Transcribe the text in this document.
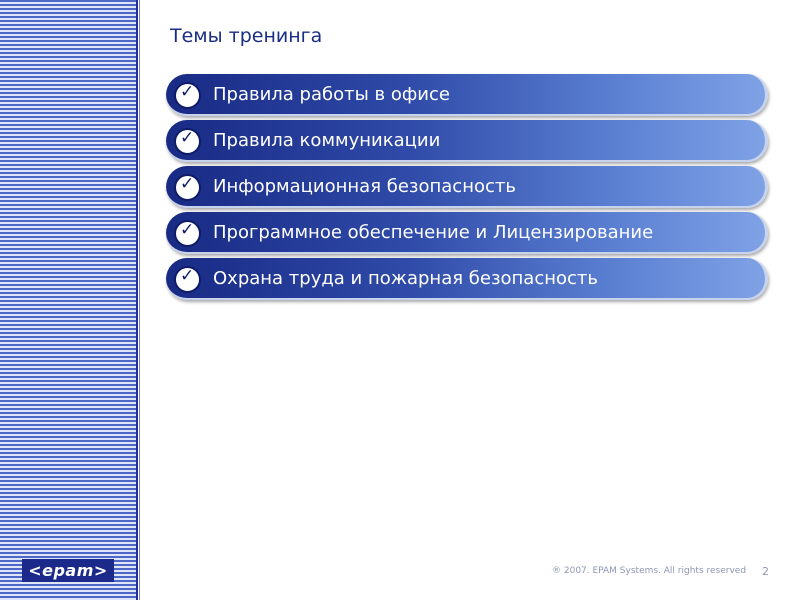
<epam>
Темы тренинга
✓ Правила работы в офисе
✓ Правила коммуникации
✓ Информационная безопасность
✓ Программное обеспечение и Лицензирование
✓ Охрана труда и пожарная безопасность
® 2007. EPAM Systems. All rights reserved 2
